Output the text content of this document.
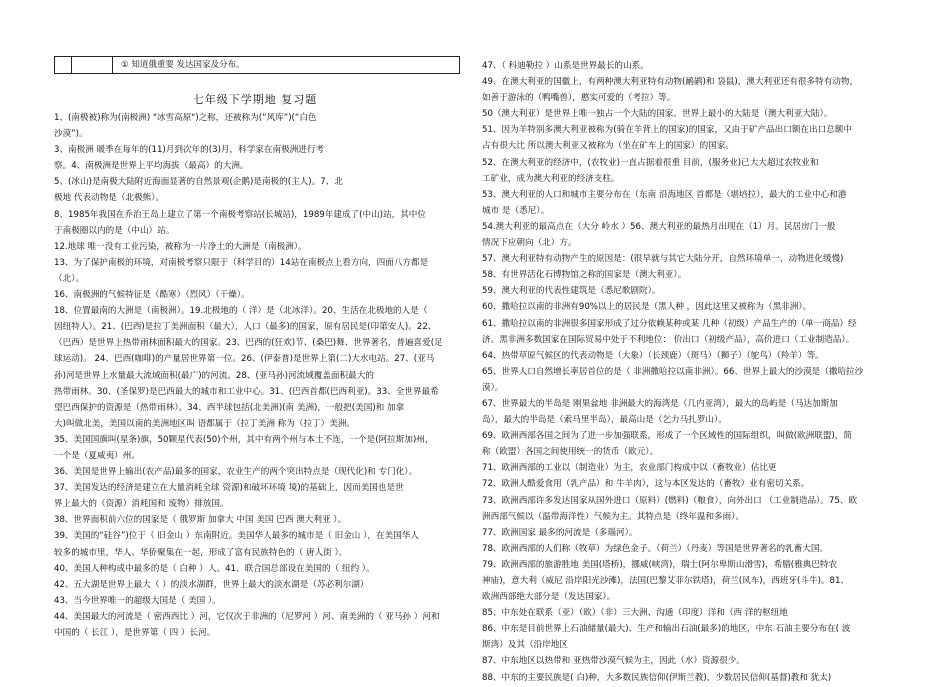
① 知道俄重要 发达国家及分布。
七年级下学期地 复习题
1、(南极被)称为(南极洲) "冰雪高原")之称，还被称为(“风库”)(“白色
沙漠”)。
3、南极洲 暖季在每年的(11)月到次年的(3)月，科学家在南极洲进行考
察。4、南极洲是世界上平均海拔（最高）的大洲。
5、(冰山)是南极大陆附近海面显著的自然景观(企鹅)是南极的(主人)。7、北
极地 代表动物是（北极熊）。
8、1985年我国在乔治王岛上建立了第一个南极考察站(长城站)，1989年建成了(中山)站，其中位
于南极圈以内的是（中山）站。
12.地球 唯一没有工业污染，被称为一片净土的大洲是（南极洲）。
13、为了保护南极的环境，对南极考察只限于（科学目的）14站在南极点上看方向，四面八方都是
（北）。
16、南极洲的气候特征是（酷寒）（烈风）（干燥）。
18、位置最南的大洲是（南极洲）。19.北极地的（ 洋）是（北冰洋）。20、生活在北极地的人是（
因纽特人）。21、(巴西)是拉丁美洲面积（最大），人口（最多)的国家，原有居民是(印第安人)。22、
（巴西）是世界上热带雨林面积最大的国家。23、巴西的(狂欢)节、(桑巴)舞、世界著名，普遍喜爱(足
球运动)。 24、巴西(咖啡)的产量居世界第一位。26、(伊泰普)是世界上第(二)大水电站。27、(亚马
孙)河是世界上水量最大流域面积(最广)的河流。28、(亚马孙)河流域覆盖面积最大的
热带雨林。30、(圣保罗)是巴西最大的城市和工业中心。31、(巴西首都(巴西利亚)。33、全世界最希
望巴西保护的资源是（热带雨林）。34、西半球包括(北美洲)(南 美洲)，一般把(美国)和 加拿
大)叫做北美，美国以南的美洲地区叫 语都属于（拉丁美洲 称为（拉丁）美洲。
35、美国国旗叫(星条)旗，50颗星代表(50)个州，其中有两个州与本土不连，一个是(阿拉斯加)州，
一个是（夏威夷）州。
36、美国是世界上输出(农产品)最多的国家，农业生产的两个突出特点是（现代化)和 专门化）。
37、美国发达的经济是建立在大量消耗全球 资源)和破坏环境 境)的基础上，因而美国也是世
界上最大的（资源）消耗国和 废物）排放国。
38、世界面积前六位的国家是（ 俄罗斯 加拿大 中国 美国 巴西 澳大利亚 ）。
39、美国的“硅谷”)位于（ 旧金山 ）东南附近。美国华人最多的城市是（ 旧金山 ），在美国华人
较多的城市里，华人、华侨聚集在一起，形成了富有民族特色的（ 唐人街 ）。
40、美国人种构成中最多的是（ 白种 ）人。41、联合国总部设在美国的（ 纽约 ）。
42、五大湖是世界上最大（ ）的淡水湖群，世界上最大的淡水湖是（苏必利尔湖）
43、当今世界唯一的超级大国是（ 美国 ）。
44、美国最大的河流是（ 密西西比 ）河，它仅次于非洲的（尼罗河 ）河、南美洲的（ 亚马孙 ）河和
中国的（ 长江 ），是世界第（ 四 ）长河。
47、（ 科迪勒拉 ）山系是世界最长的山系。
49、在澳大利亚的国徽上，有两种澳大利亚特有动物(鸸鹋)和 袋鼠)，澳大利亚还有很多特有动物，
如善于游泳的（鸭嘴兽），憨实可爱的（考拉）等。
50（澳大利亚）是世界上唯一独占一个大陆的国家。世界上最小的大陆是（澳大利亚大陆）。
51、因为羊特别多澳大利亚被称为(骑在羊背上的国家)的国家，又由于矿产品出口额在出口总额中
占有很大比 所以澳大利亚又被称为（坐在矿车上的国家）的国家。
52、在澳大利亚的经济中，(农牧业)一直占据着很重 目前，(服务业)已大大超过农牧业和
工矿业，成为澳大利亚的经济支柱。
53、澳大利亚的人口和城市主要分布在（东南 沿海地区 首都是（堪培拉），最大的工业中心和港
城市 是（悉尼）。
54.澳大利亚的最高点在（大分 岭水 ）56、澳大利亚的最热月出现在（1）月。民居房门一般
情况下应朝向（北）方。
57、澳大利亚特有动物产生的原因是：(很早就与其它大陆分开，自然环境单一，动物进化缓慢)
58、有世界活化石博物馆之称的国家是（澳大利亚）。
59、澳大利亚的代表性建筑是（悉尼歌剧院）。
60、撒哈拉以南的非洲有90%以上的居民是（黑人种 ，因此这里又被称为（黑非洲）。
61、撒哈拉以南的非洲很多国家形成了过分依赖某种或某 几种（初级）产品生产的（单一商品）经
济。黑非洲多数国家在国际贸易中处于不利地位： 价出口（初级产品），高价进口（工业制造品）。
64、热带草原气候区的代表动物是（大象）（长颈鹿）（斑马）（狮子）（鸵鸟）（羚羊）等。
65、世界人口自然增长率居首位的是（ 非洲撒哈拉以南非洲）。66、世界上最大的沙漠是（撒哈拉沙
漠）。
67、世界最大的半岛是 刚果盆地 非洲最大的海湾是（几内亚湾），最大的岛屿是（马达加斯加
岛），最大的半岛是（索马里半岛），最高山是（乞力马扎罗山）。
69、欧洲西部各国之间为了进一步加强联系，形成了一个区域性的国际组织，叫做(欧洲联盟)，简
称（欧盟）各国之间使用统一的货币（欧元）。
71、欧洲西部的工业以（制造业）为主，农业部门构成中以（畜牧业）佔比更
72、欧洲人酷爱食用（乳产品）和 牛羊肉），这与本区发达的（畜牧）业有密切关系。
73、欧洲西部许多发达国家从国外进口（原料）(燃料)（粮食），向外出口 （工业制造品）。75、欧
洲西部气候以（温带海洋性）气候为主。其特点是（终年温和多雨）。
77、欧洲国家 最多的河流是（多瑙河）。
78、欧洲西部的人们称（牧草）为绿色金子。（荷兰）（丹麦）等国是世界著名的乳畜大国。
79、欧洲西部的旅游胜地 美国(塔桥)，挪威(峡湾)，瑞士(阿尔卑斯山滑雪)，希腊(雅典巴特农
神庙)，意大利（威尼 沿岸阳光沙滩)，法国(巴黎艾菲尔铁塔)，荷兰(风车)，西班牙(斗牛)。81、
欧洲西部绝大部分是（发达国家）。
85、中东处在联系（亚）（欧）（非）三大洲、沟通（印度）洋和（西 洋的枢纽地
86、中东是目前世界上石油储量(最大)、生产和输出石油(最多)的地区，中东 石油主要分布在( 波
斯湾）及其（沿岸地区
87、中东地区以热带和 亚热带沙漠气候为主，因此（水）资源很少。
88、中东的主要民族是( 白)种，大多数民族信仰(伊斯兰教)，少数居民信仰(基督)教和 犹太)
